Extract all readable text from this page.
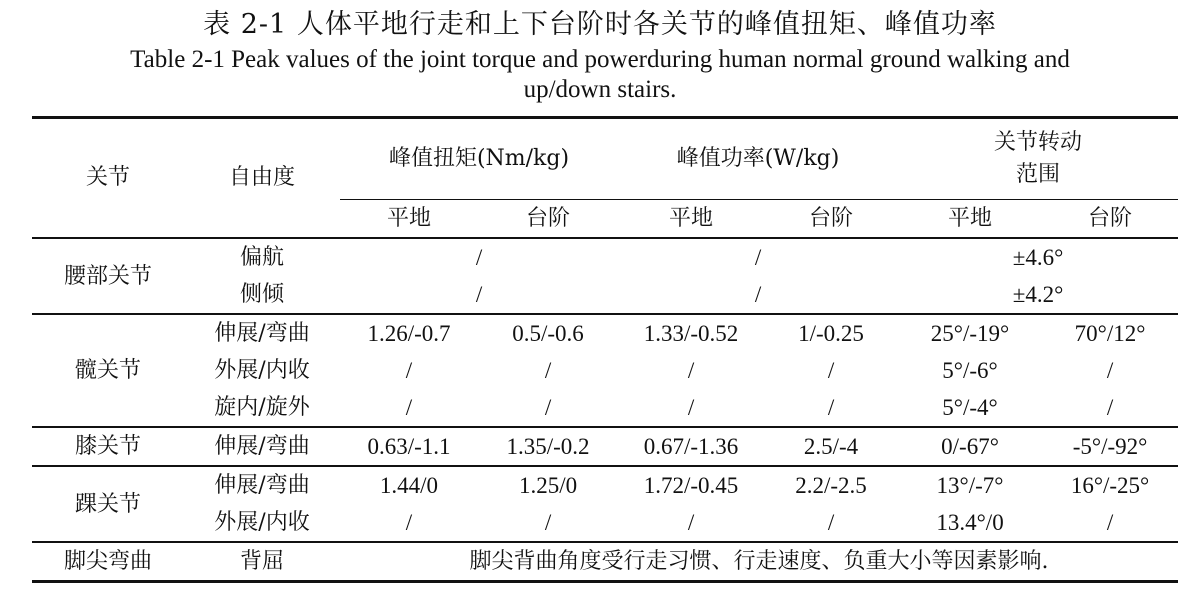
表 2-1 人体平地行走和上下台阶时各关节的峰值扭矩、峰值功率
Table 2-1 Peak values of the joint torque and powerduring human normal ground walking and
up/down stairs.
关节	自由度	峰值扭矩(Nm/kg)		峰值功率(W/kg)		关节转动
范围	

		平地	台阶	平地	台阶	平地	台阶
腰部关节	偏航	/		/		±4.6°	
	侧倾	/		/		±4.2°	
髋关节	伸展/弯曲	1.26/-0.7	0.5/-0.6	1.33/-0.52	1/-0.25	25°/-19°	70°/12°
	外展/内收	/	/	/	/	5°/-6°	/
	旋内/旋外	/	/	/	/	5°/-4°	/
膝关节	伸展/弯曲	0.63/-1.1	1.35/-0.2	0.67/-1.36	2.5/-4	0/-67°	-5°/-92°
踝关节	伸展/弯曲	1.44/0	1.25/0	1.72/-0.45	2.2/-2.5	13°/-7°	16°/-25°
	外展/内收	/	/	/	/	13.4°/0	/
脚尖弯曲	背屈	脚尖背曲角度受行走习惯、行走速度、负重大小等因素影响.					
